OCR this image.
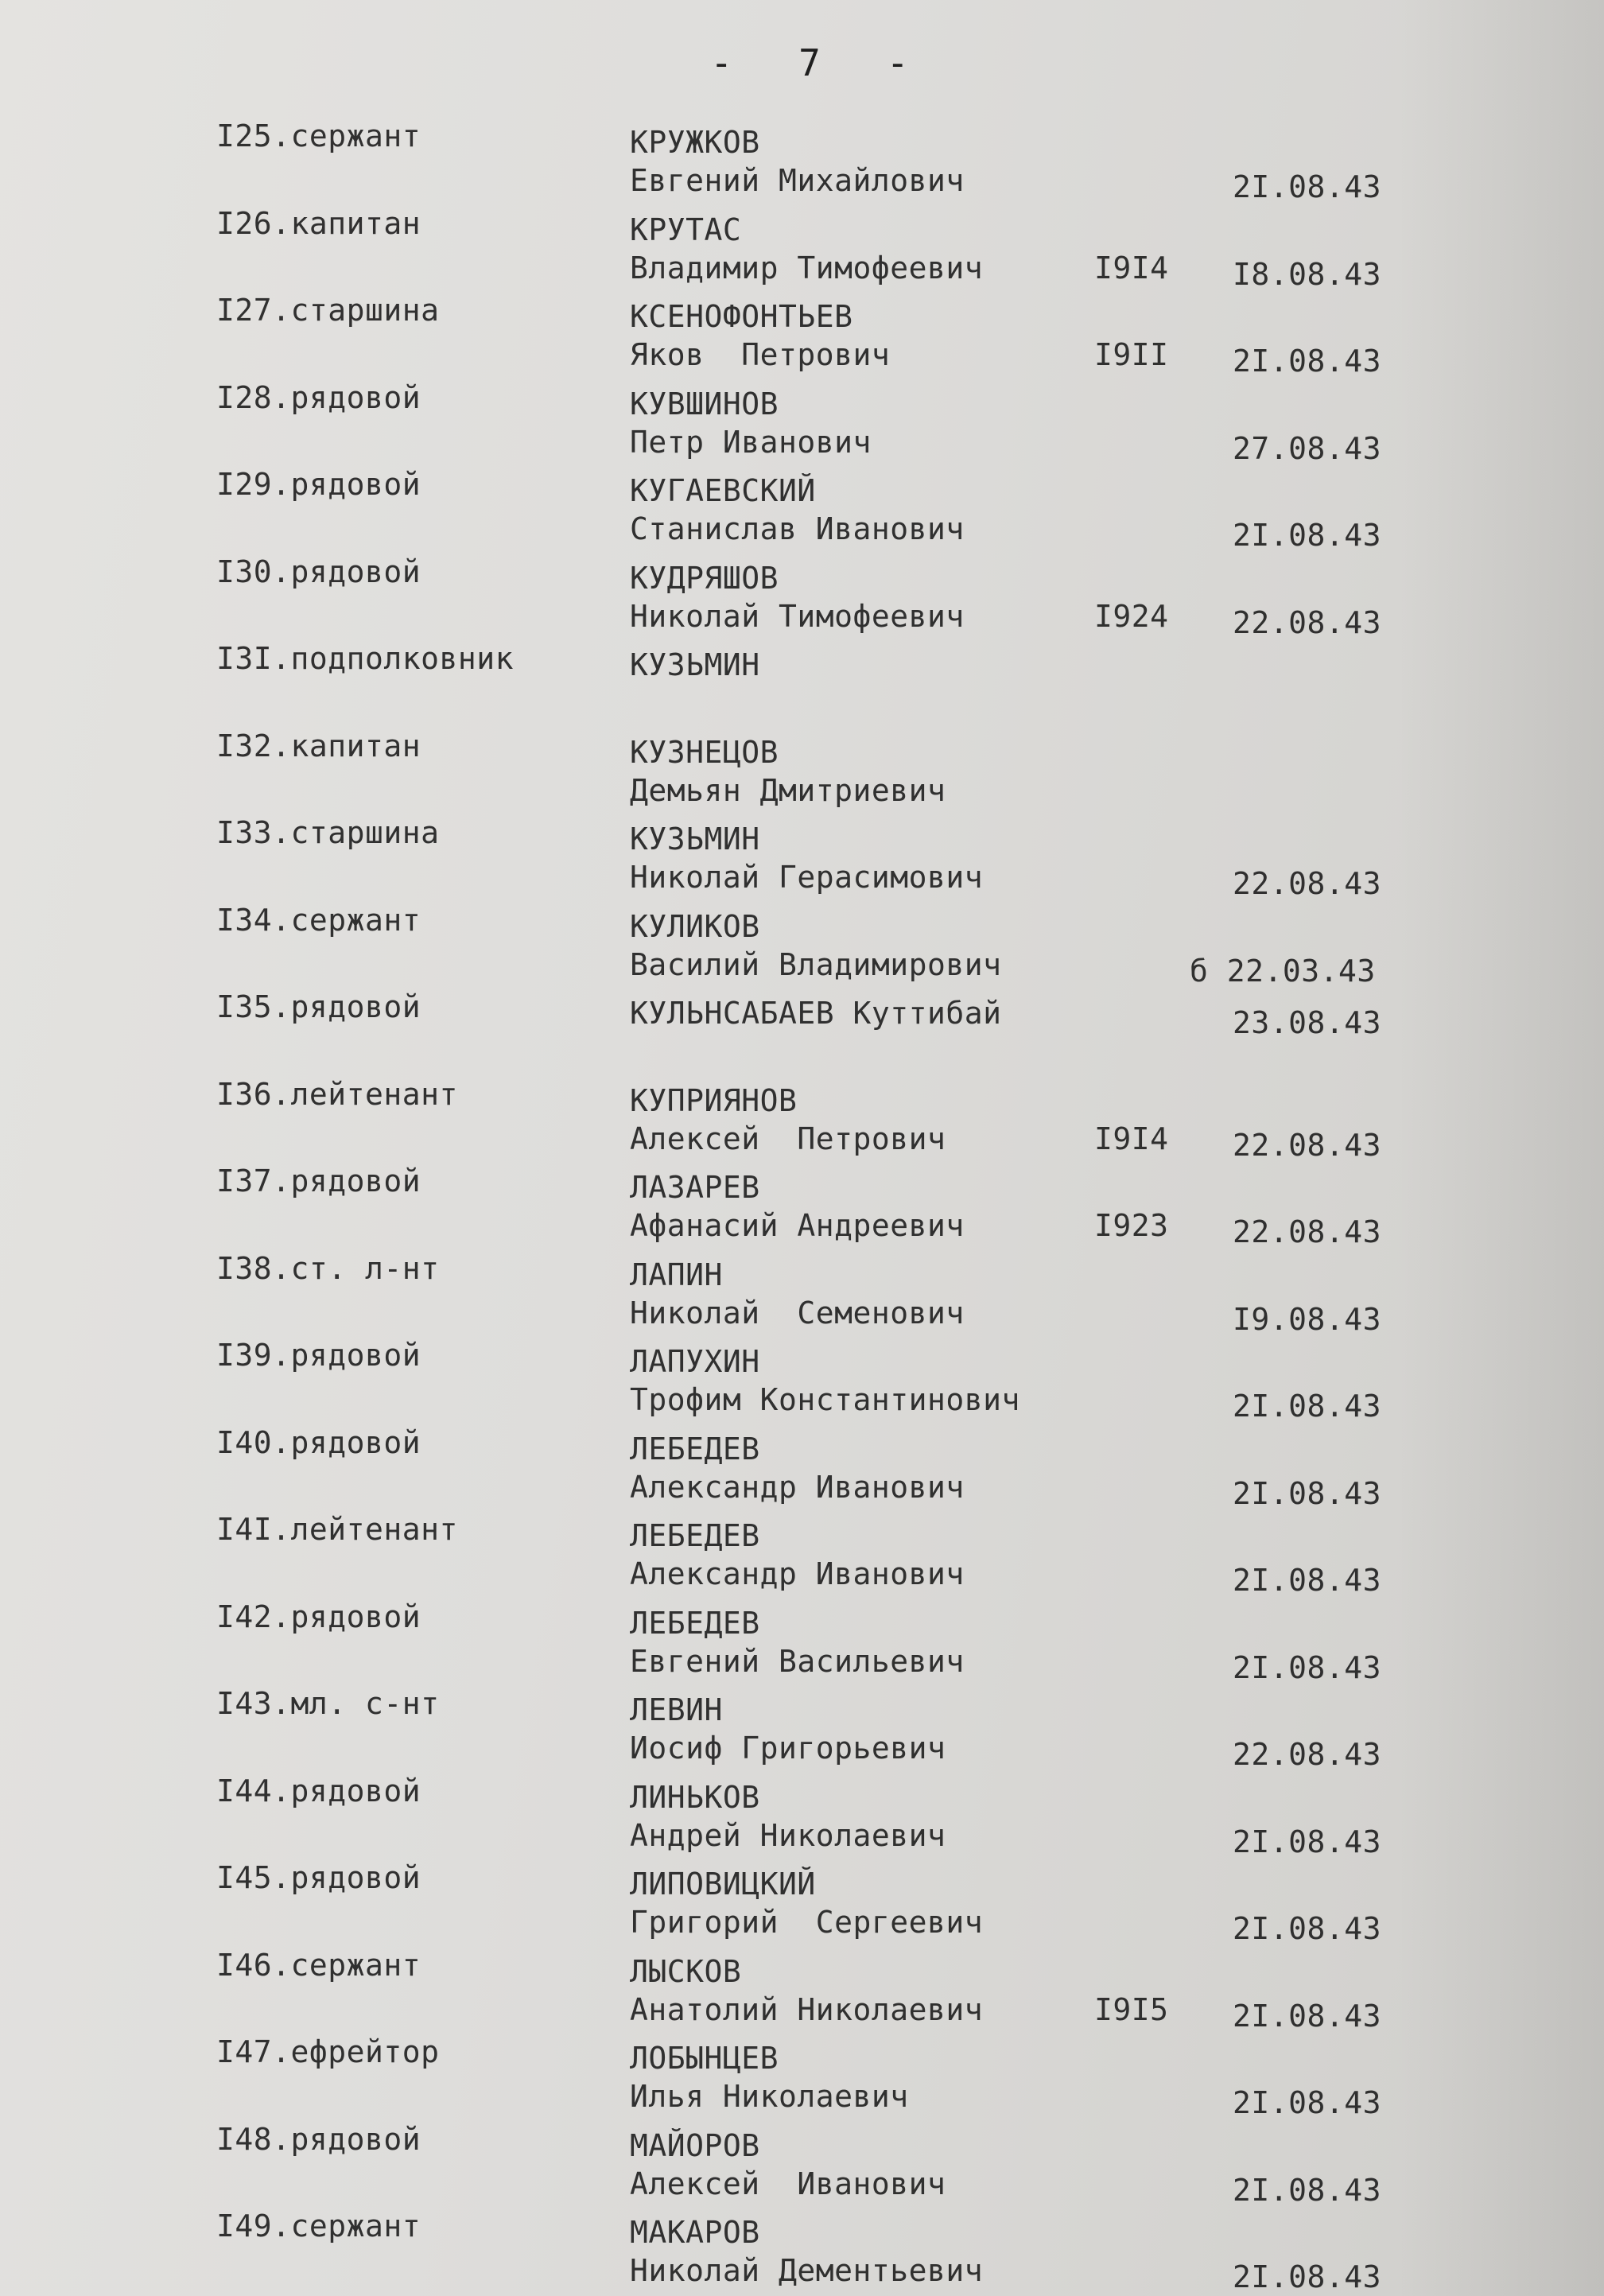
-   7   -
I25.сержант	КРУЖКОВ
Евгений Михайлович	2I.08.43
I26.капитан	КРУТАС
Владимир Тимофеевич	I9I4 I8.08.43
I27.старшина	КСЕНОФОНТЬЕВ
Яков  Петрович	I9II 2I.08.43
I28.рядовой	КУВШИНОВ
Петр Иванович	27.08.43
I29.рядовой	КУГАЕВСКИЙ
Станислав Иванович	2I.08.43
I30.рядовой	КУДРЯШОВ
Николай Тимофеевич	I924 22.08.43
I3I.подполковник	КУЗЬМИН
I32.капитан	КУЗНЕЦОВ
Демьян Дмитриевич
I33.старшина	КУЗЬМИН
Николай Герасимович	22.08.43
I34.сержант	КУЛИКОВ
Василий Владимирович	б 22.03.43
I35.рядовой	КУЛЬНСАБАЕВ Куттибай	23.08.43
I36.лейтенант	КУПРИЯНОВ
Алексей  Петрович	I9I4 22.08.43
I37.рядовой	ЛАЗАРЕВ
Афанасий Андреевич	I923 22.08.43
I38.ст. л-нт	ЛАПИН
Николай  Семенович	I9.08.43
I39.рядовой	ЛАПУХИН
Трофим Константинович	2I.08.43
I40.рядовой	ЛЕБЕДЕВ
Александр Иванович	2I.08.43
I4I.лейтенант	ЛЕБЕДЕВ
Александр Иванович	2I.08.43
I42.рядовой	ЛЕБЕДЕВ
Евгений Васильевич	2I.08.43
I43.мл. с-нт	ЛЕВИН
Иосиф Григорьевич	22.08.43
I44.рядовой	ЛИНЬКОВ
Андрей Николаевич	2I.08.43
I45.рядовой	ЛИПОВИЦКИЙ
Григорий  Сергеевич	2I.08.43
I46.сержант	ЛЫСКОВ
Анатолий Николаевич	I9I5 2I.08.43
I47.ефрейтор	ЛОБЫНЦЕВ
Илья Николаевич	2I.08.43
I48.рядовой	МАЙОРОВ
Алексей  Иванович	2I.08.43
I49.сержант	МАКАРОВ
Николай Дементьевич	2I.08.43
